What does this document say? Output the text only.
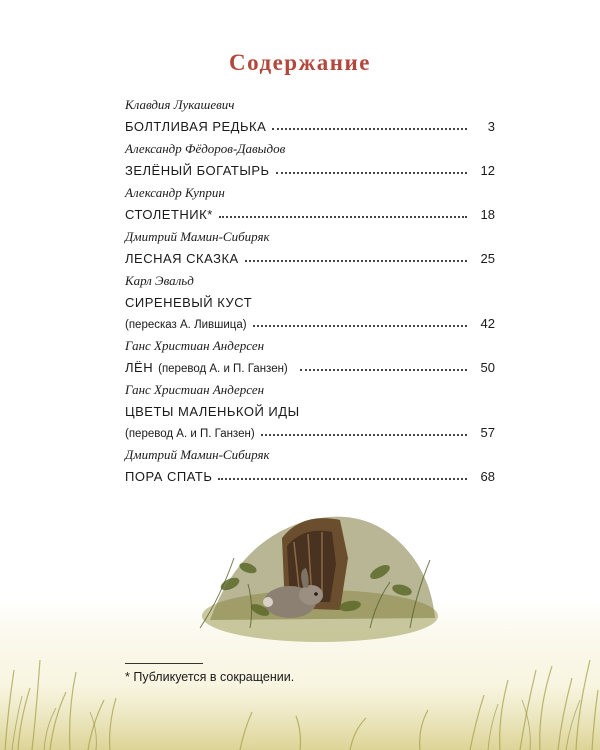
Содержание
Клавдия Лукашевич
БОЛТЛИВАЯ РЕДЬКА	3
Александр Фёдоров-Давыдов
ЗЕЛЁНЫЙ БОГАТЫРЬ	12
Александр Куприн
СТОЛЕТНИК*	18
Дмитрий Мамин-Сибиряк
ЛЕСНАЯ СКАЗКА	25
Карл Эвальд
СИРЕНЕВЫЙ КУСТ
(пересказ А. Лившица)	42
Ганс Христиан Андерсен
ЛЁН (перевод А. и П. Ганзен)	50
Ганс Христиан Андерсен
ЦВЕТЫ МАЛЕНЬКОЙ ИДЫ
(перевод А. и П. Ганзен)	57
Дмитрий Мамин-Сибиряк
ПОРА СПАТЬ	68
* Публикуется в сокращении.
